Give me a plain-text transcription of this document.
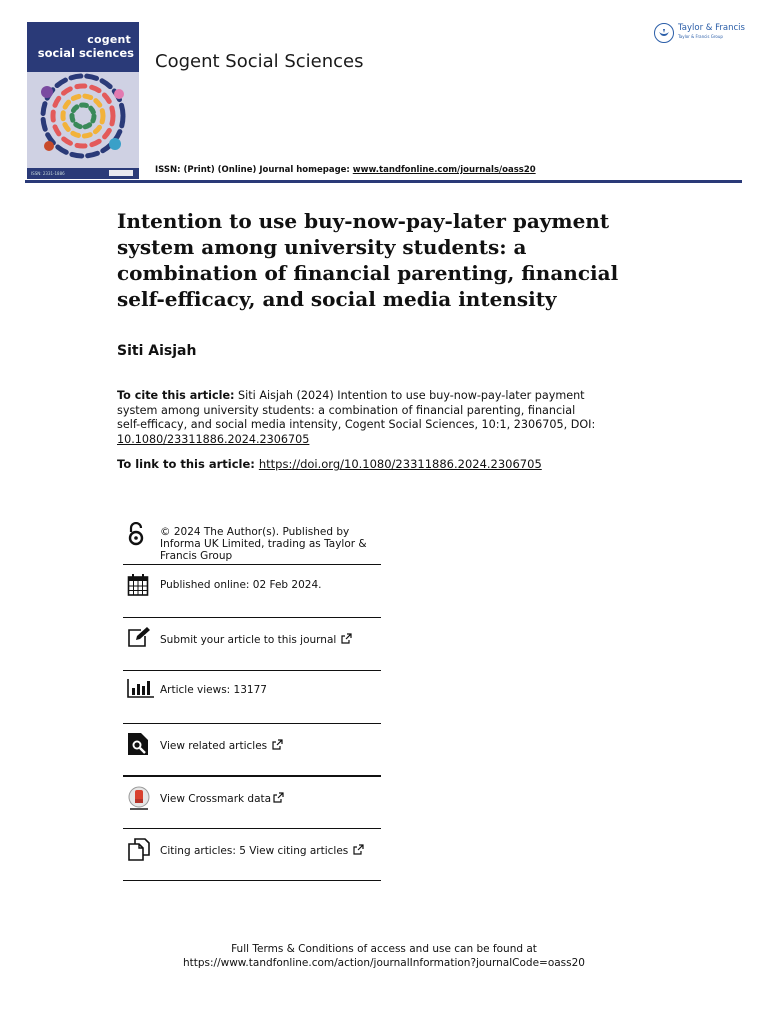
cogent
social sciences
ISSN: 2331-1886
Cogent Social Sciences
ISSN: (Print) (Online) Journal homepage: www.tandfonline.com/journals/oass20
Taylor & Francis
Taylor & Francis Group
Intention to use buy-now-pay-later payment system among university students: a combination of financial parenting, financial self-efficacy, and social media intensity
Siti Aisjah
To cite this article: Siti Aisjah (2024) Intention to use buy-now-pay-later payment system among university students: a combination of financial parenting, financial self-efficacy, and social media intensity, Cogent Social Sciences, 10:1, 2306705, DOI: 10.1080/23311886.2024.2306705
To link to this article: https://doi.org/10.1080/23311886.2024.2306705
© 2024 The Author(s). Published by Informa UK Limited, trading as Taylor & Francis Group
Published online: 02 Feb 2024.
Submit your article to this journal
Article views: 13177
View related articles
View Crossmark data
Citing articles: 5 View citing articles
Full Terms & Conditions of access and use can be found at
https://www.tandfonline.com/action/journalInformation?journalCode=oass20
